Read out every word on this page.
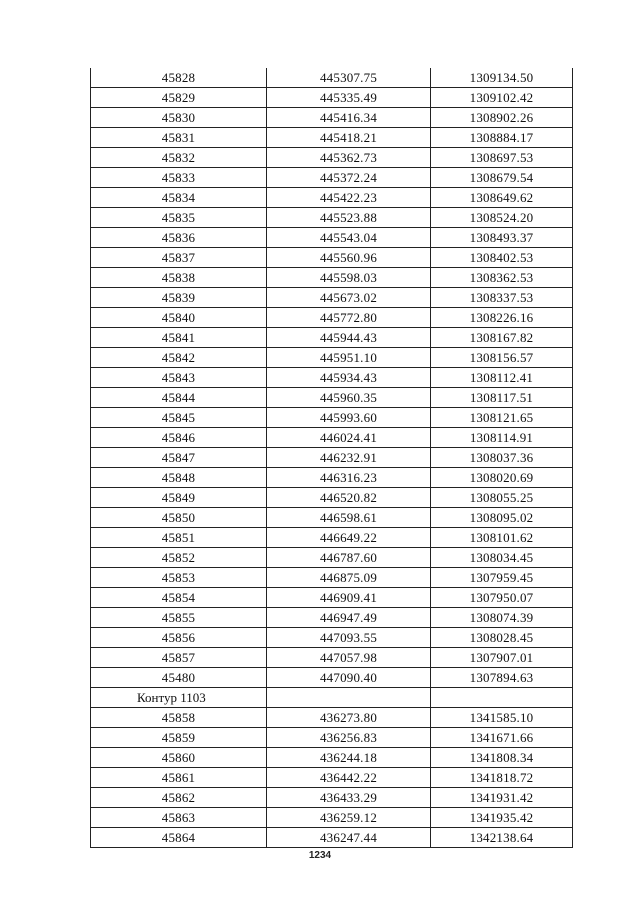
45828	445307.75	1309134.50
45829	445335.49	1309102.42
45830	445416.34	1308902.26
45831	445418.21	1308884.17
45832	445362.73	1308697.53
45833	445372.24	1308679.54
45834	445422.23	1308649.62
45835	445523.88	1308524.20
45836	445543.04	1308493.37
45837	445560.96	1308402.53
45838	445598.03	1308362.53
45839	445673.02	1308337.53
45840	445772.80	1308226.16
45841	445944.43	1308167.82
45842	445951.10	1308156.57
45843	445934.43	1308112.41
45844	445960.35	1308117.51
45845	445993.60	1308121.65
45846	446024.41	1308114.91
45847	446232.91	1308037.36
45848	446316.23	1308020.69
45849	446520.82	1308055.25
45850	446598.61	1308095.02
45851	446649.22	1308101.62
45852	446787.60	1308034.45
45853	446875.09	1307959.45
45854	446909.41	1307950.07
45855	446947.49	1308074.39
45856	447093.55	1308028.45
45857	447057.98	1307907.01
45480	447090.40	1307894.63
Контур 1103		
45858	436273.80	1341585.10
45859	436256.83	1341671.66
45860	436244.18	1341808.34
45861	436442.22	1341818.72
45862	436433.29	1341931.42
45863	436259.12	1341935.42
45864	436247.44	1342138.64
1234
